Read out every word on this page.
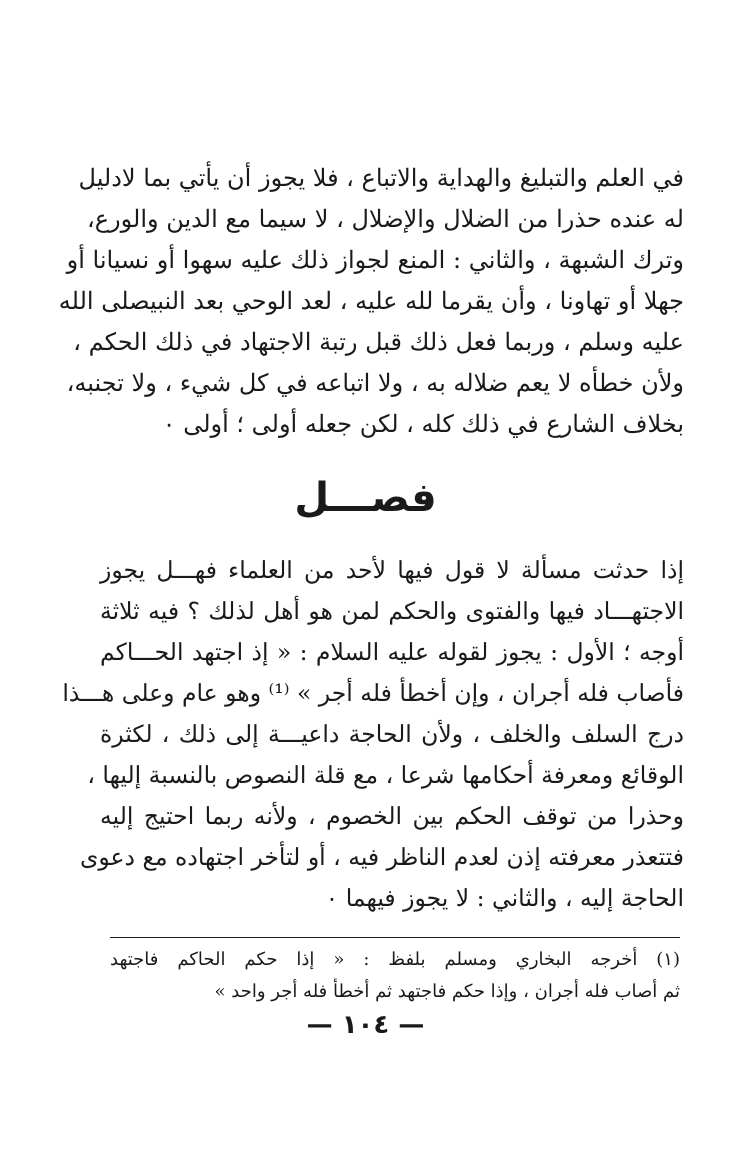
في العلم والتبليغ والهداية والاتباع ، فلا يجوز أن يأتي بما لادليل
له عنده حذرا من الضلال والإضلال ، لا سيما مع الدين والورع،
وترك الشبهة ، والثاني : المنع لجواز ذلك عليه سهوا أو نسيانا أو
جهلا أو تهاونا ، وأن يقرما لله عليه ، لعد الوحي بعد النبيصلى الله
عليه وسلم ، وربما فعل ذلك قبل رتبة الاجتهاد في ذلك الحكم ،
ولأن خطأه لا يعم ضلاله به ، ولا اتباعه في كل شيء ، ولا تجنبه،
بخلاف الشارع في ذلك كله ، لكن جعله أولى ؛ أولى ٠
فصـــل
إذا حدثت مسألة لا قول فيها لأحد من العلماء فهـــل يجوز
الاجتهـــاد فيها والفتوى والحكم لمن هو أهل لذلك ؟ فيه ثلاثة
أوجه ؛ الأول : يجوز لقوله عليه السلام : « إذ اجتهد الحـــاكم
فأصاب فله أجران ، وإن أخطأ فله أجر » ⁽¹⁾ وهو عام وعلى هـــذا
درج السلف والخلف ، ولأن الحاجة داعيـــة إلى ذلك ، لكثرة
الوقائع ومعرفة أحكامها شرعا ، مع قلة النصوص بالنسبة إليها ،
وحذرا من توقف الحكم بين الخصوم ، ولأنه ربما احتيج إليه
فتتعذر معرفته إذن لعدم الناظر فيه ، أو لتأخر اجتهاده مع دعوى
الحاجة إليه ، والثاني : لا يجوز فيهما ٠
(١) أخرجه البخاري ومسلم بلفظ : « إذا حكم الحاكم فاجتهد
ثم أصاب فله أجران ، وإذا حكم فاجتهد ثم أخطأ فله أجر واحد »
— ١٠٤ —
